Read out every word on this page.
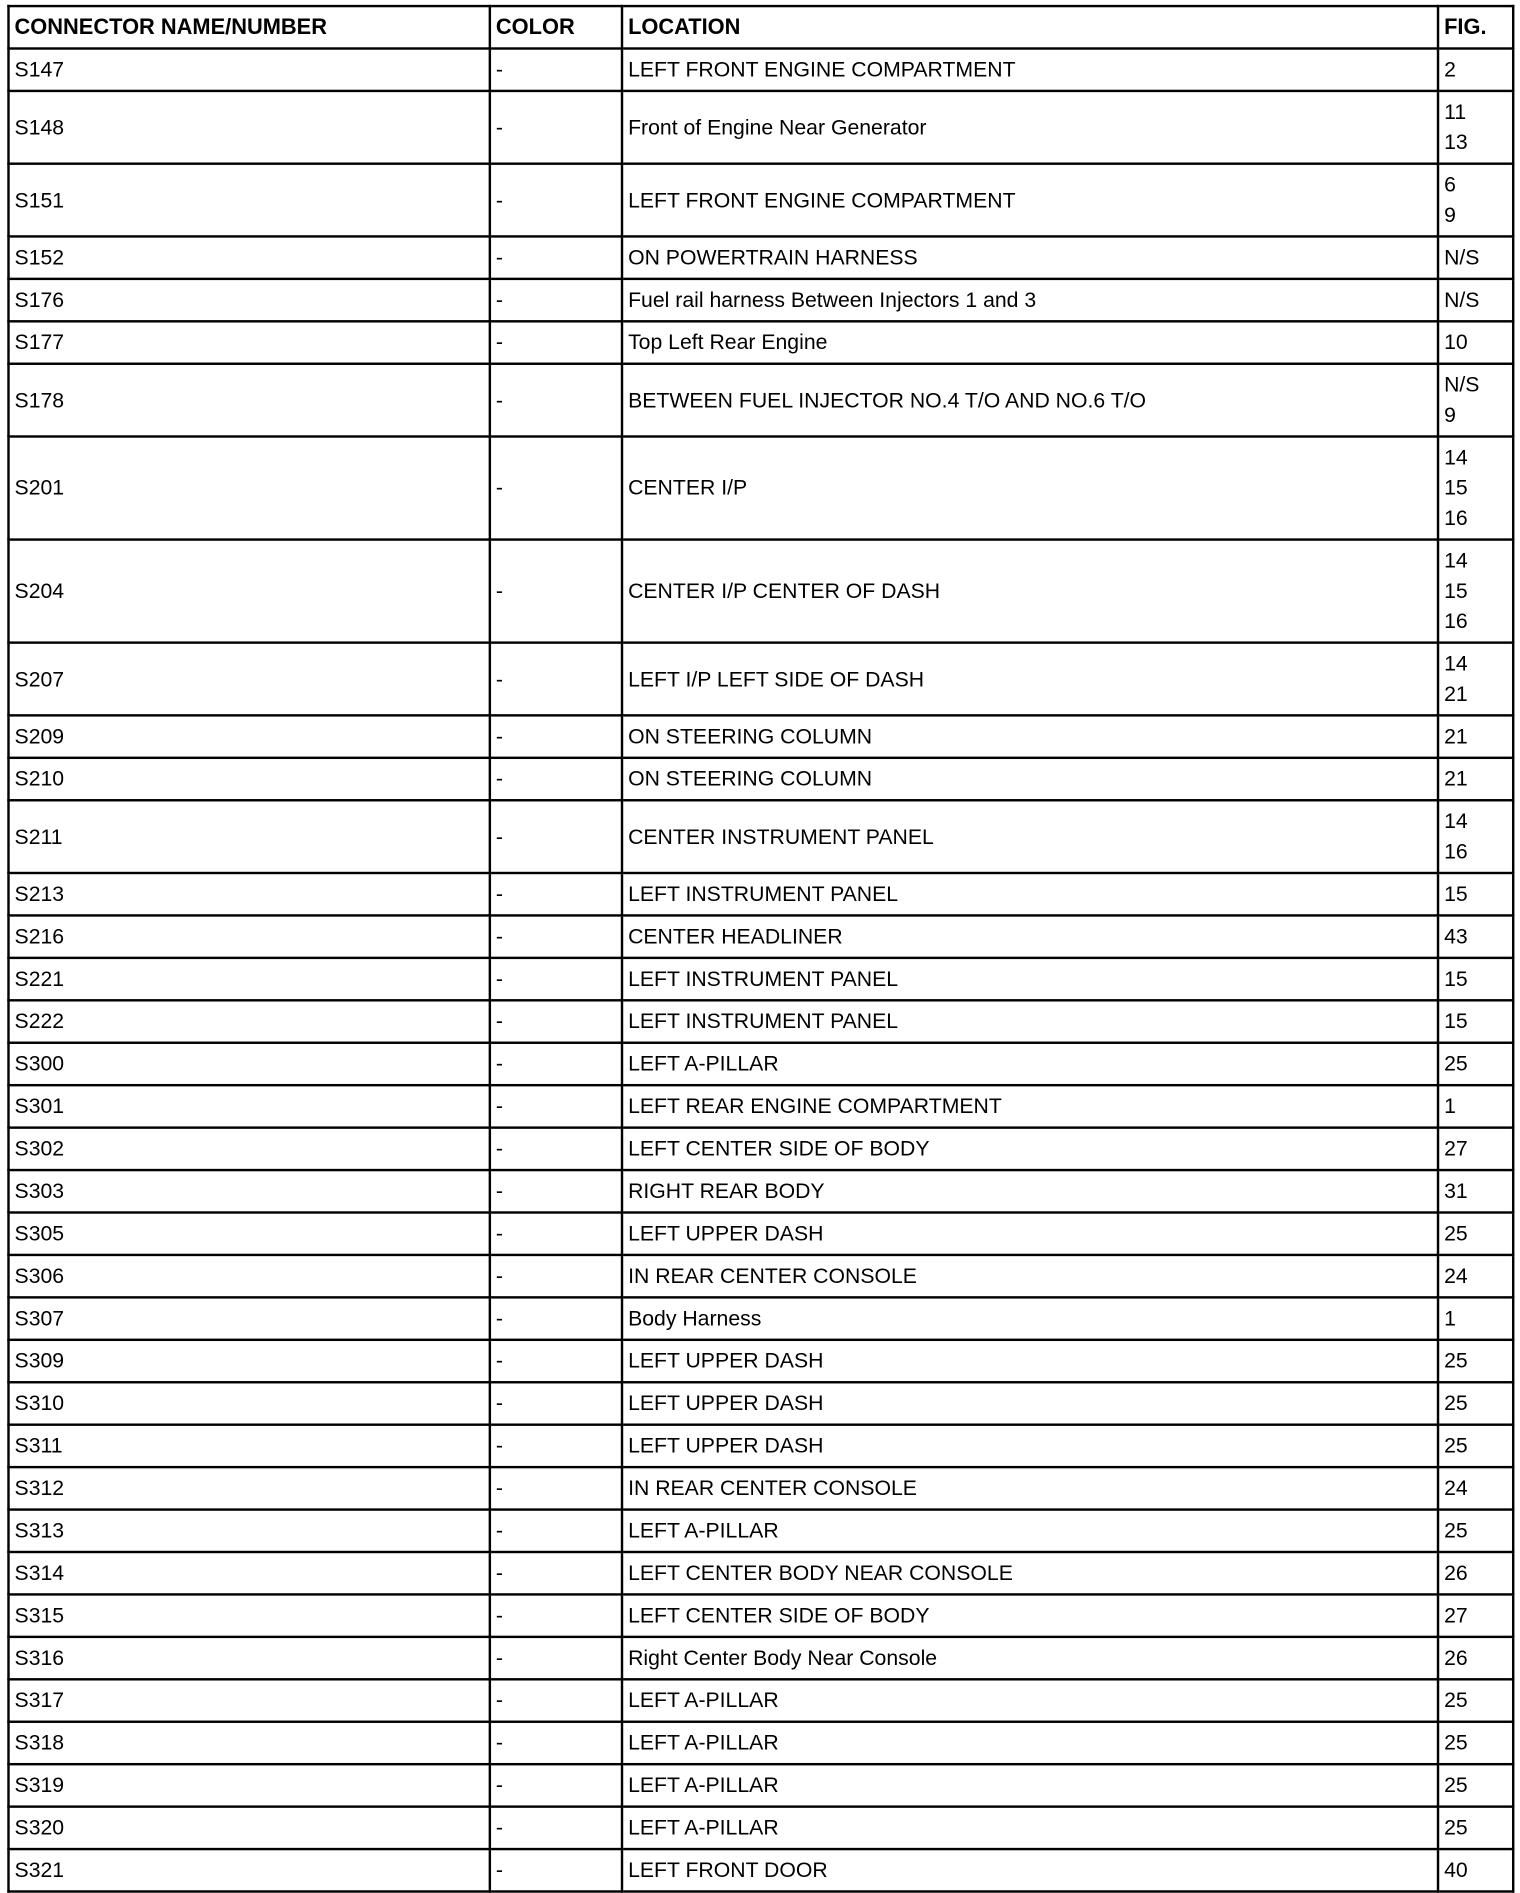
CONNECTOR NAME/NUMBER	COLOR	LOCATION	FIG.
S147	-	LEFT FRONT ENGINE COMPARTMENT	2

S148	-	Front of Engine Near Generator	11
13

S151	-	LEFT FRONT ENGINE COMPARTMENT	6
9

S152	-	ON POWERTRAIN HARNESS	N/S

S176	-	Fuel rail harness Between Injectors 1 and 3	N/S

S177	-	Top Left Rear Engine	10

S178	-	BETWEEN FUEL INJECTOR NO.4 T/O AND NO.6 T/O	N/S
9

S201	-	CENTER I/P	14
15
16

S204	-	CENTER I/P CENTER OF DASH	14
15
16

S207	-	LEFT I/P LEFT SIDE OF DASH	14
21

S209	-	ON STEERING COLUMN	21

S210	-	ON STEERING COLUMN	21

S211	-	CENTER INSTRUMENT PANEL	14
16

S213	-	LEFT INSTRUMENT PANEL	15

S216	-	CENTER HEADLINER	43

S221	-	LEFT INSTRUMENT PANEL	15

S222	-	LEFT INSTRUMENT PANEL	15

S300	-	LEFT A-PILLAR	25

S301	-	LEFT REAR ENGINE COMPARTMENT	1

S302	-	LEFT CENTER SIDE OF BODY	27

S303	-	RIGHT REAR BODY	31

S305	-	LEFT UPPER DASH	25

S306	-	IN REAR CENTER CONSOLE	24

S307	-	Body Harness	1

S309	-	LEFT UPPER DASH	25

S310	-	LEFT UPPER DASH	25

S311	-	LEFT UPPER DASH	25

S312	-	IN REAR CENTER CONSOLE	24

S313	-	LEFT A-PILLAR	25

S314	-	LEFT CENTER BODY NEAR CONSOLE	26

S315	-	LEFT CENTER SIDE OF BODY	27

S316	-	Right Center Body Near Console	26

S317	-	LEFT A-PILLAR	25

S318	-	LEFT A-PILLAR	25

S319	-	LEFT A-PILLAR	25

S320	-	LEFT A-PILLAR	25

S321	-	LEFT FRONT DOOR	40
